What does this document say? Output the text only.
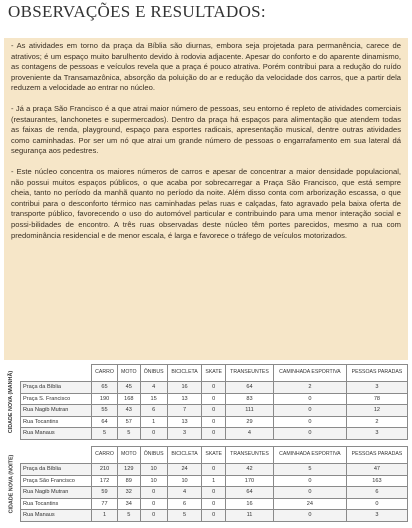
OBSERVAÇÕES E RESULTADOS:

- As atividades em torno da praça da Bíblia são diurnas, embora seja projetada para permanência, carece de atrativos; é um espaço muito barulhento devido à rodovia adjacente. Apesar do conforto e do aparente dinamismo, as contagens de pessoas e veículos revela que a praça é pouco atrativa. Porém contribui para a redução do ruído proveniente da Transamazônica, absorção da poluição do ar e redução da velocidade dos carros, que a partir dela reduzem a velocidade ao entrar no núcleo.

- Já a praça São Francisco é a que atrai maior número de pessoas, seu entorno é repleto de atividades comerciais (restaurantes, lanchonetes e supermercados). Dentro da praça há espaços para alimentação que atendem todas as faixas de renda, playground, espaço para esportes radicais, apresentação musical, dentre outras atividades como caminhadas. Por ser um nó que atrai um grande número de pessoas o engarrafamento em sua lateral dá segurança aos pedestres.

- Este núcleo concentra os maiores números de carros e apesar de concentrar a maior densidade populacional, não possui muitos espaços públicos, o que acaba por sobrecarregar a Praça São Francisco, que está sempre cheia, tanto no período da manhã quanto no período da noite. Além disso conta com arborização escassa, o que contribui para o desconforto térmico nas caminhadas pelas ruas e calçadas, fato agravado pela baixa oferta de transporte público, favorecendo o uso do automóvel particular e contribuindo para uma menor interação social e possi-bilidades de encontro. A três ruas observadas deste núcleo têm portes parecidos, mesmo a rua com predominância residencial e de menor escala, é larga e favorece o tráfego de veículos motorizados.

CIDADE NOVA (MANHÃ)
		CARRO	MOTO	ÔNIBUS	BICICLETA	SKATE	TRANSEUNTES	CAMINHADA ESPORTIVA	PESSOAS PARADAS
Praça da Bíblia	65	45	4	16	0	64	2	3
Praça S. Francisco	190	168	15	13	0	83	0	78
Rua Nagib Mutran	55	43	6	7	0	111	0	12
Rua Tocantins	64	57	1	13	0	29	0	2
Rua Manaus	5	5	0	3	0	4	0	3
CIDADE NOVA (NOITE)
	CARRO	MOTO	ÔNIBUS	BICICLETA	SKATE	TRANSEUNTES	CAMINHADA ESPORTIVA	PESSOAS PARADAS
Praça da Bíblia	210	129	10	24	0	42	5	47
Praça São Francisco	172	89	10	10	1	170	0	163
Rua Nagib Mutran	59	32	0	4	0	64	0	6
Rua Tocantins	77	34	0	6	0	16	24	0
Rua Manaus	1	5	0	5	0	11	0	3
